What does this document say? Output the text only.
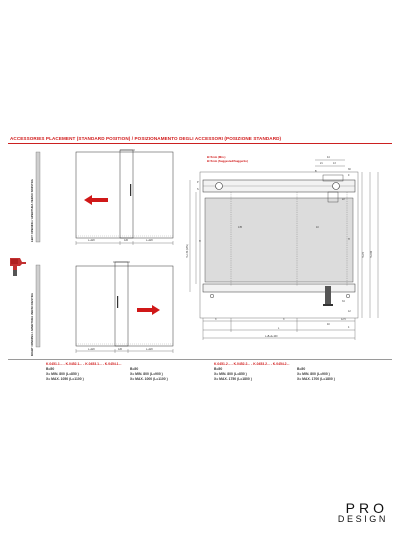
ACCESSORIES PLACEMENT (STANDARD POSITION) / POSIZIONAMENTO DEGLI ACCESSORI (POSIZIONE STANDARD)
LEFT OPENING / APERTURA VERSO SINISTRA
RIGHT OPENING / APERTURA VERSO DESTRA
L+120	120	L+120
L+120	120	L+120
44
21	13
B
30
9
22
P
S
H
135	10
H
34
12
X	X
L
40
12.5
4
L+B+2+100
H+70 H+190
H+170 (MIN)
B=5mm (Min.)
B=5mm (Suggested/Suggerito)
K.0451.1... - K.0452.1... - K.0453.1... - K.0454.1...
B=50
X= MIN. 800 (L=850 )
X= MAX. 1050 (L=1100 )
B=50
X= MIN. 800 (L=900 )
X= MAX. 1000 (L=1100 )
K.0451.2... - K.0452.2... - K.0453.2... - K.0454.2...
B=50
X= MIN. 800 (L=850 )
X= MAX. 1750 (L=1800 )
B=50
X= MIN. 800 (L=900 )
X= MAX. 1700 (L=1800 )
PRO
DESIGN
